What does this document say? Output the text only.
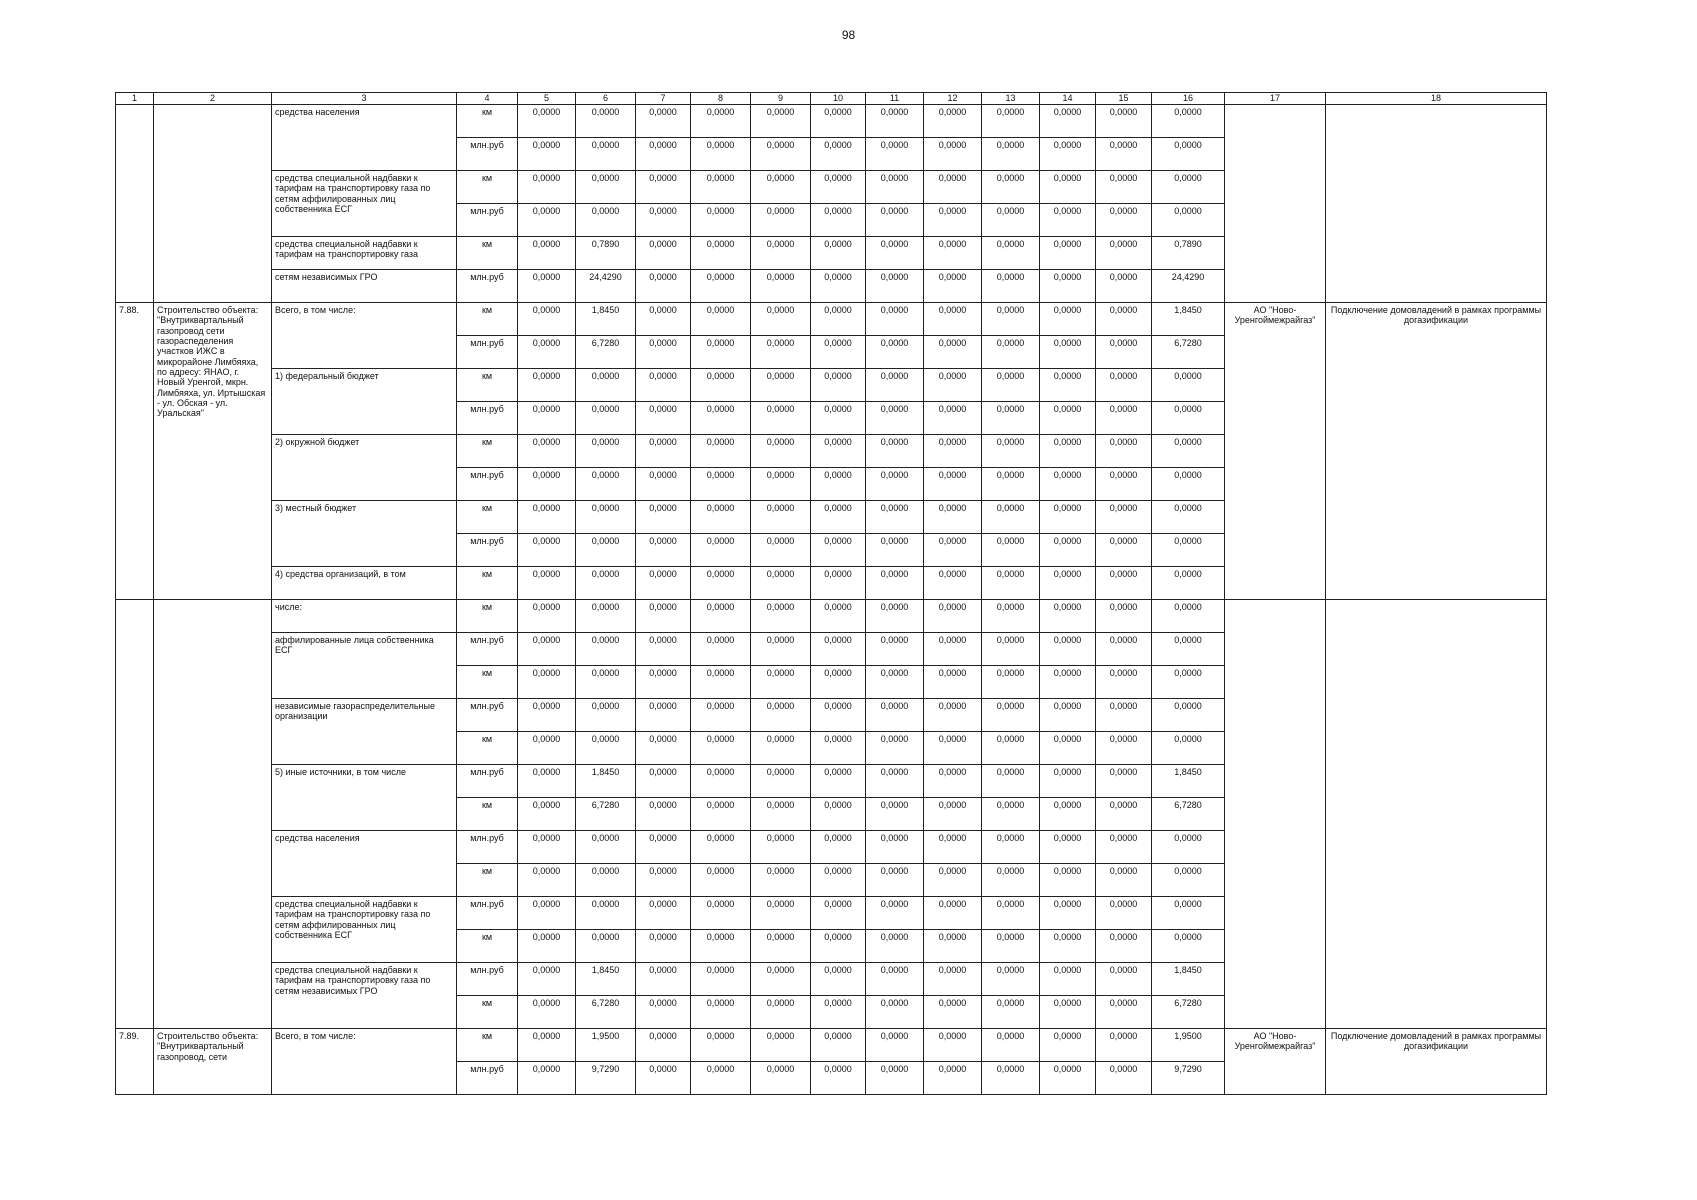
98
1	2	3	4	5	6	7	8	9	10	11	12	13	14	15	16	17	18
		средства населения	км	0,0000	0,0000	0,0000	0,0000	0,0000	0,0000	0,0000	0,0000	0,0000	0,0000	0,0000	0,0000		
			млн.руб	0,0000	0,0000	0,0000	0,0000	0,0000	0,0000	0,0000	0,0000	0,0000	0,0000	0,0000	0,0000		
		средства специальной надбавки к тарифам на транспортировку газа по сетям аффилированных лиц собственника ЕСГ	км	0,0000	0,0000	0,0000	0,0000	0,0000	0,0000	0,0000	0,0000	0,0000	0,0000	0,0000	0,0000		
			млн.руб	0,0000	0,0000	0,0000	0,0000	0,0000	0,0000	0,0000	0,0000	0,0000	0,0000	0,0000	0,0000		
		средства специальной надбавки к тарифам на транспортировку газа	км	0,0000	0,7890	0,0000	0,0000	0,0000	0,0000	0,0000	0,0000	0,0000	0,0000	0,0000	0,7890		
		сетям независимых ГРО	млн.руб	0,0000	24,4290	0,0000	0,0000	0,0000	0,0000	0,0000	0,0000	0,0000	0,0000	0,0000	24,4290		
7.88.	Строительство объекта: "Внутриквартальный газопровод сети газораспеделения участков ИЖС в микрорайоне Лимбяяха, по адресу: ЯНАО, г. Новый Уренгой, мкрн. Лимбяяха, ул. Иртышская - ул. Обская - ул. Уральская"	Всего, в том числе:	км	0,0000	1,8450	0,0000	0,0000	0,0000	0,0000	0,0000	0,0000	0,0000	0,0000	0,0000	1,8450	АО "Ново-Уренгоймежрайгаз"	Подключение домовладений в рамках программы догазификации
			млн.руб	0,0000	6,7280	0,0000	0,0000	0,0000	0,0000	0,0000	0,0000	0,0000	0,0000	0,0000	6,7280		
		1) федеральный бюджет	км	0,0000	0,0000	0,0000	0,0000	0,0000	0,0000	0,0000	0,0000	0,0000	0,0000	0,0000	0,0000		
			млн.руб	0,0000	0,0000	0,0000	0,0000	0,0000	0,0000	0,0000	0,0000	0,0000	0,0000	0,0000	0,0000		
		2) окружной бюджет	км	0,0000	0,0000	0,0000	0,0000	0,0000	0,0000	0,0000	0,0000	0,0000	0,0000	0,0000	0,0000		
			млн.руб	0,0000	0,0000	0,0000	0,0000	0,0000	0,0000	0,0000	0,0000	0,0000	0,0000	0,0000	0,0000		
		3) местный бюджет	км	0,0000	0,0000	0,0000	0,0000	0,0000	0,0000	0,0000	0,0000	0,0000	0,0000	0,0000	0,0000		
			млн.руб	0,0000	0,0000	0,0000	0,0000	0,0000	0,0000	0,0000	0,0000	0,0000	0,0000	0,0000	0,0000		
		4) средства организаций, в том	км	0,0000	0,0000	0,0000	0,0000	0,0000	0,0000	0,0000	0,0000	0,0000	0,0000	0,0000	0,0000		
		числе:	км	0,0000	0,0000	0,0000	0,0000	0,0000	0,0000	0,0000	0,0000	0,0000	0,0000	0,0000	0,0000		
		аффилированные лица собственника ЕСГ	млн.руб	0,0000	0,0000	0,0000	0,0000	0,0000	0,0000	0,0000	0,0000	0,0000	0,0000	0,0000	0,0000		
			км	0,0000	0,0000	0,0000	0,0000	0,0000	0,0000	0,0000	0,0000	0,0000	0,0000	0,0000	0,0000		
		независимые газораспределительные организации	млн.руб	0,0000	0,0000	0,0000	0,0000	0,0000	0,0000	0,0000	0,0000	0,0000	0,0000	0,0000	0,0000		
			км	0,0000	0,0000	0,0000	0,0000	0,0000	0,0000	0,0000	0,0000	0,0000	0,0000	0,0000	0,0000		
		5) иные источники, в том числе	млн.руб	0,0000	1,8450	0,0000	0,0000	0,0000	0,0000	0,0000	0,0000	0,0000	0,0000	0,0000	1,8450		
			км	0,0000	6,7280	0,0000	0,0000	0,0000	0,0000	0,0000	0,0000	0,0000	0,0000	0,0000	6,7280		
		средства населения	млн.руб	0,0000	0,0000	0,0000	0,0000	0,0000	0,0000	0,0000	0,0000	0,0000	0,0000	0,0000	0,0000		
			км	0,0000	0,0000	0,0000	0,0000	0,0000	0,0000	0,0000	0,0000	0,0000	0,0000	0,0000	0,0000		
		средства специальной надбавки к тарифам на транспортировку газа по сетям аффилированных лиц собственника ЕСГ	млн.руб	0,0000	0,0000	0,0000	0,0000	0,0000	0,0000	0,0000	0,0000	0,0000	0,0000	0,0000	0,0000		
			км	0,0000	0,0000	0,0000	0,0000	0,0000	0,0000	0,0000	0,0000	0,0000	0,0000	0,0000	0,0000		
		средства специальной надбавки к тарифам на транспортировку газа по сетям независимых ГРО	млн.руб	0,0000	1,8450	0,0000	0,0000	0,0000	0,0000	0,0000	0,0000	0,0000	0,0000	0,0000	1,8450		
			км	0,0000	6,7280	0,0000	0,0000	0,0000	0,0000	0,0000	0,0000	0,0000	0,0000	0,0000	6,7280		
7.89.	Строительство объекта: "Внутриквартальный газопровод, сети	Всего, в том числе:	км	0,0000	1,9500	0,0000	0,0000	0,0000	0,0000	0,0000	0,0000	0,0000	0,0000	0,0000	1,9500	АО "Ново-Уренгоймежрайгаз"	Подключение домовладений в рамках программы догазификации
			млн.руб	0,0000	9,7290	0,0000	0,0000	0,0000	0,0000	0,0000	0,0000	0,0000	0,0000	0,0000	9,7290		
